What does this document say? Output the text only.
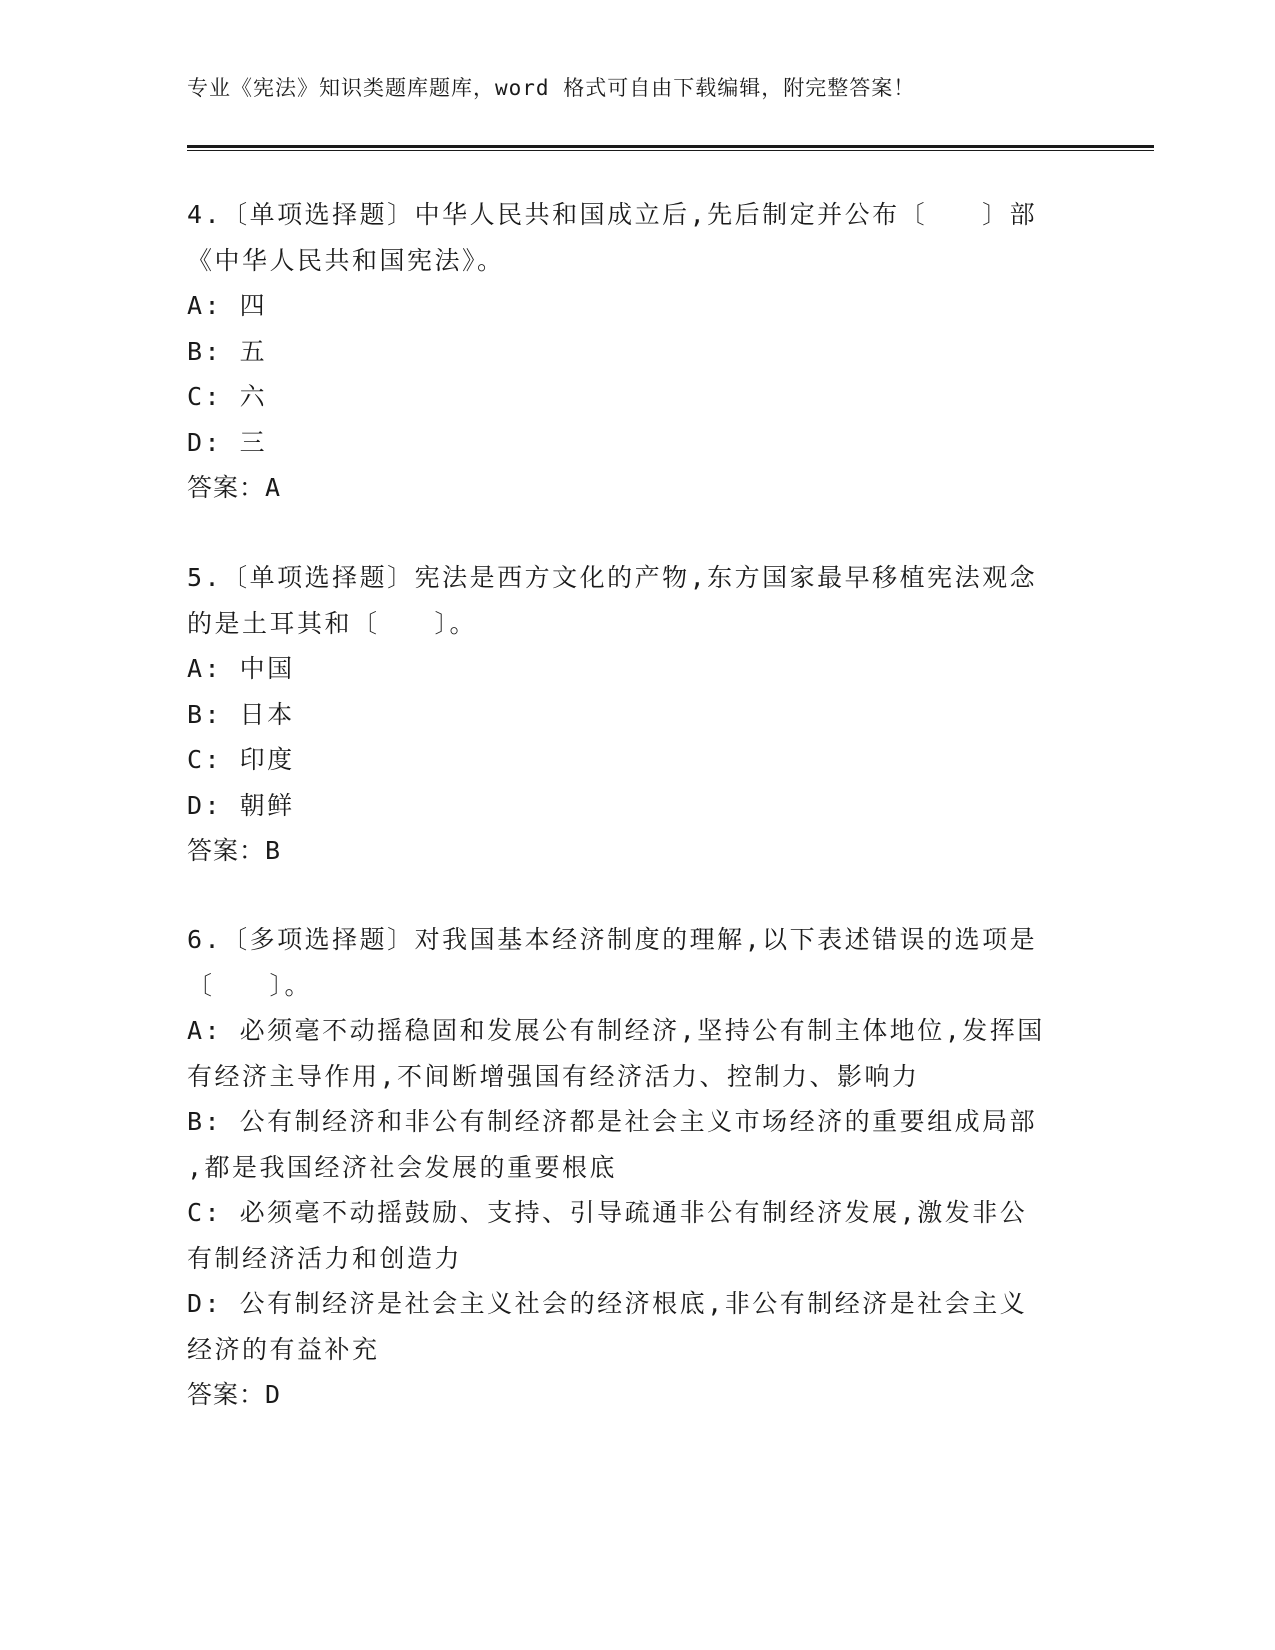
专业《宪法》知识类题库题库，word 格式可自由下载编辑，附完整答案！
4.〔单项选择题〕中华人民共和国成立后,先后制定并公布〔　　〕部
《中华人民共和国宪法》。
A: 四
B: 五
C: 六
D: 三
答案：A
5.〔单项选择题〕宪法是西方文化的产物,东方国家最早移植宪法观念
的是土耳其和〔　　〕。
A: 中国
B: 日本
C: 印度
D: 朝鲜
答案：B
6.〔多项选择题〕对我国基本经济制度的理解,以下表述错误的选项是
〔　　〕。
A: 必须毫不动摇稳固和发展公有制经济,坚持公有制主体地位,发挥国
有经济主导作用,不间断增强国有经济活力、控制力、影响力
B: 公有制经济和非公有制经济都是社会主义市场经济的重要组成局部
,都是我国经济社会发展的重要根底
C: 必须毫不动摇鼓励、支持、引导疏通非公有制经济发展,激发非公
有制经济活力和创造力
D: 公有制经济是社会主义社会的经济根底,非公有制经济是社会主义
经济的有益补充
答案：D
